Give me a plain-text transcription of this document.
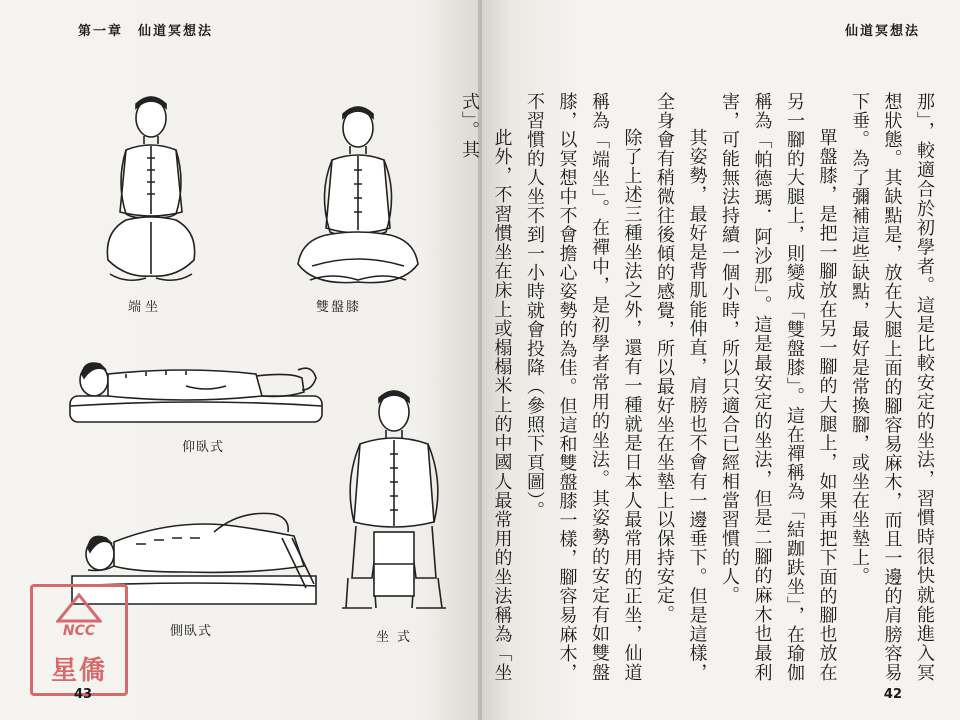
第一章　仙道冥想法
端坐	雙盤膝
仰臥式
側臥式	坐式
NCC
星僑
43
仙道冥想法

那」，較適合於初學者。這是比較安定的坐法，習慣時很快就能進入冥想狀態。其缺點是，放在大腿上面的腳容易麻木，而且一邊的肩膀容易下垂。為了彌補這些缺點，最好是常換腳，或坐在坐墊上。

單盤膝，是把一腳放在另一腳的大腿上，如果再把下面的腳也放在另一腳的大腿上，則變成「雙盤膝」。這在禪稱為「結跏趺坐」，在瑜伽稱為「帕德瑪．阿沙那」。這是最安定的坐法，但是二腳的麻木也最利害，可能無法持續一個小時，所以只適合已經相當習慣的人。

其姿勢，最好是背肌能伸直，肩膀也不會有一邊垂下。但是這樣，全身會有稍微往後傾的感覺，所以最好坐在坐墊上以保持安定。

除了上述三種坐法之外，還有一種就是日本人最常用的正坐，仙道稱為「端坐」。在禪中，是初學者常用的坐法。其姿勢的安定有如雙盤膝，以冥想中不會擔心姿勢的為佳。但這和雙盤膝一樣，腳容易麻木，不習慣的人坐不到一小時就會投降（參照下頁圖）。

此外，不習慣坐在床上或榻榻米上的中國人最常用的坐法稱為「坐式」。其

42
